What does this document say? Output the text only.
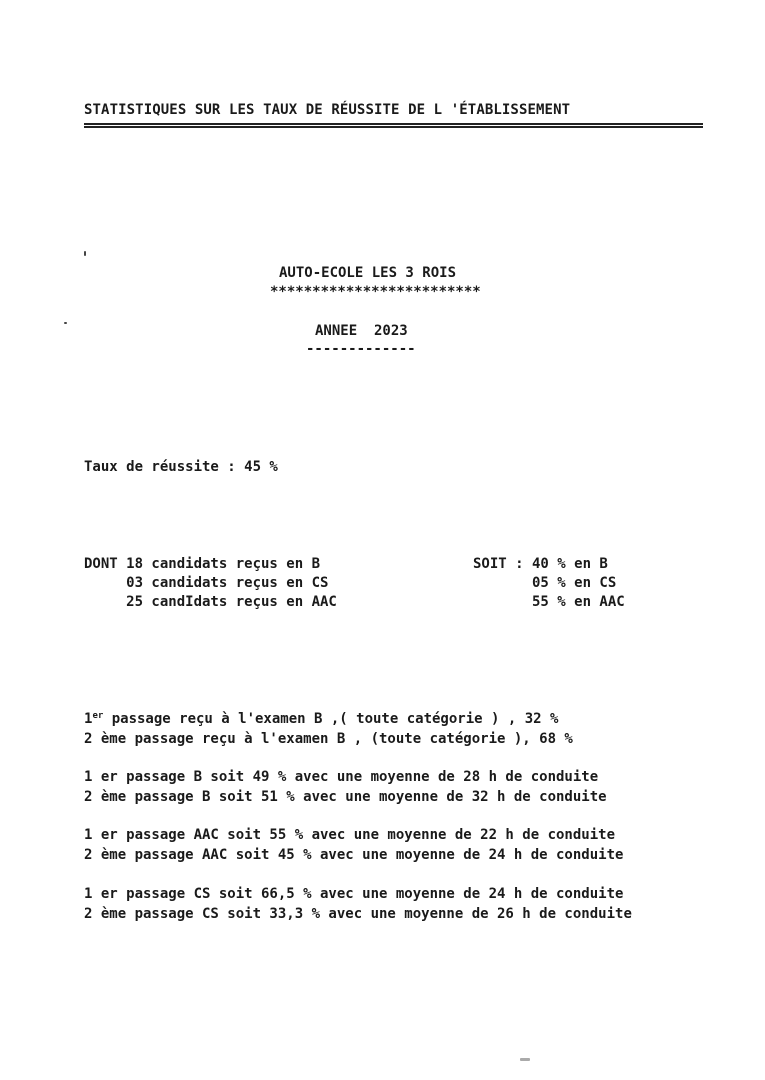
STATISTIQUES SUR LES TAUX DE RÉUSSITE DE L 'ÉTABLISSEMENT
AUTO-ECOLE LES 3 ROIS
*************************
ANNEE  2023
-------------
Taux de réussite : 45 %
DONT 18 candidats reçus en B	SOIT : 40 % en B
03 candidats reçus en CS	05 % en CS
25 candIdats reçus en AAC	55 % en AAC
1er passage reçu à l'examen B ,( toute catégorie ) , 32 %
2 ème passage reçu à l'examen B , (toute catégorie ), 68 %
1 er passage B soit 49 % avec une moyenne de 28 h de conduite
2 ème passage B soit 51 % avec une moyenne de 32 h de conduite
1 er passage AAC soit 55 % avec une moyenne de 22 h de conduite
2 ème passage AAC soit 45 % avec une moyenne de 24 h de conduite
1 er passage CS soit 66,5 % avec une moyenne de 24 h de conduite
2 ème passage CS soit 33,3 % avec une moyenne de 26 h de conduite
